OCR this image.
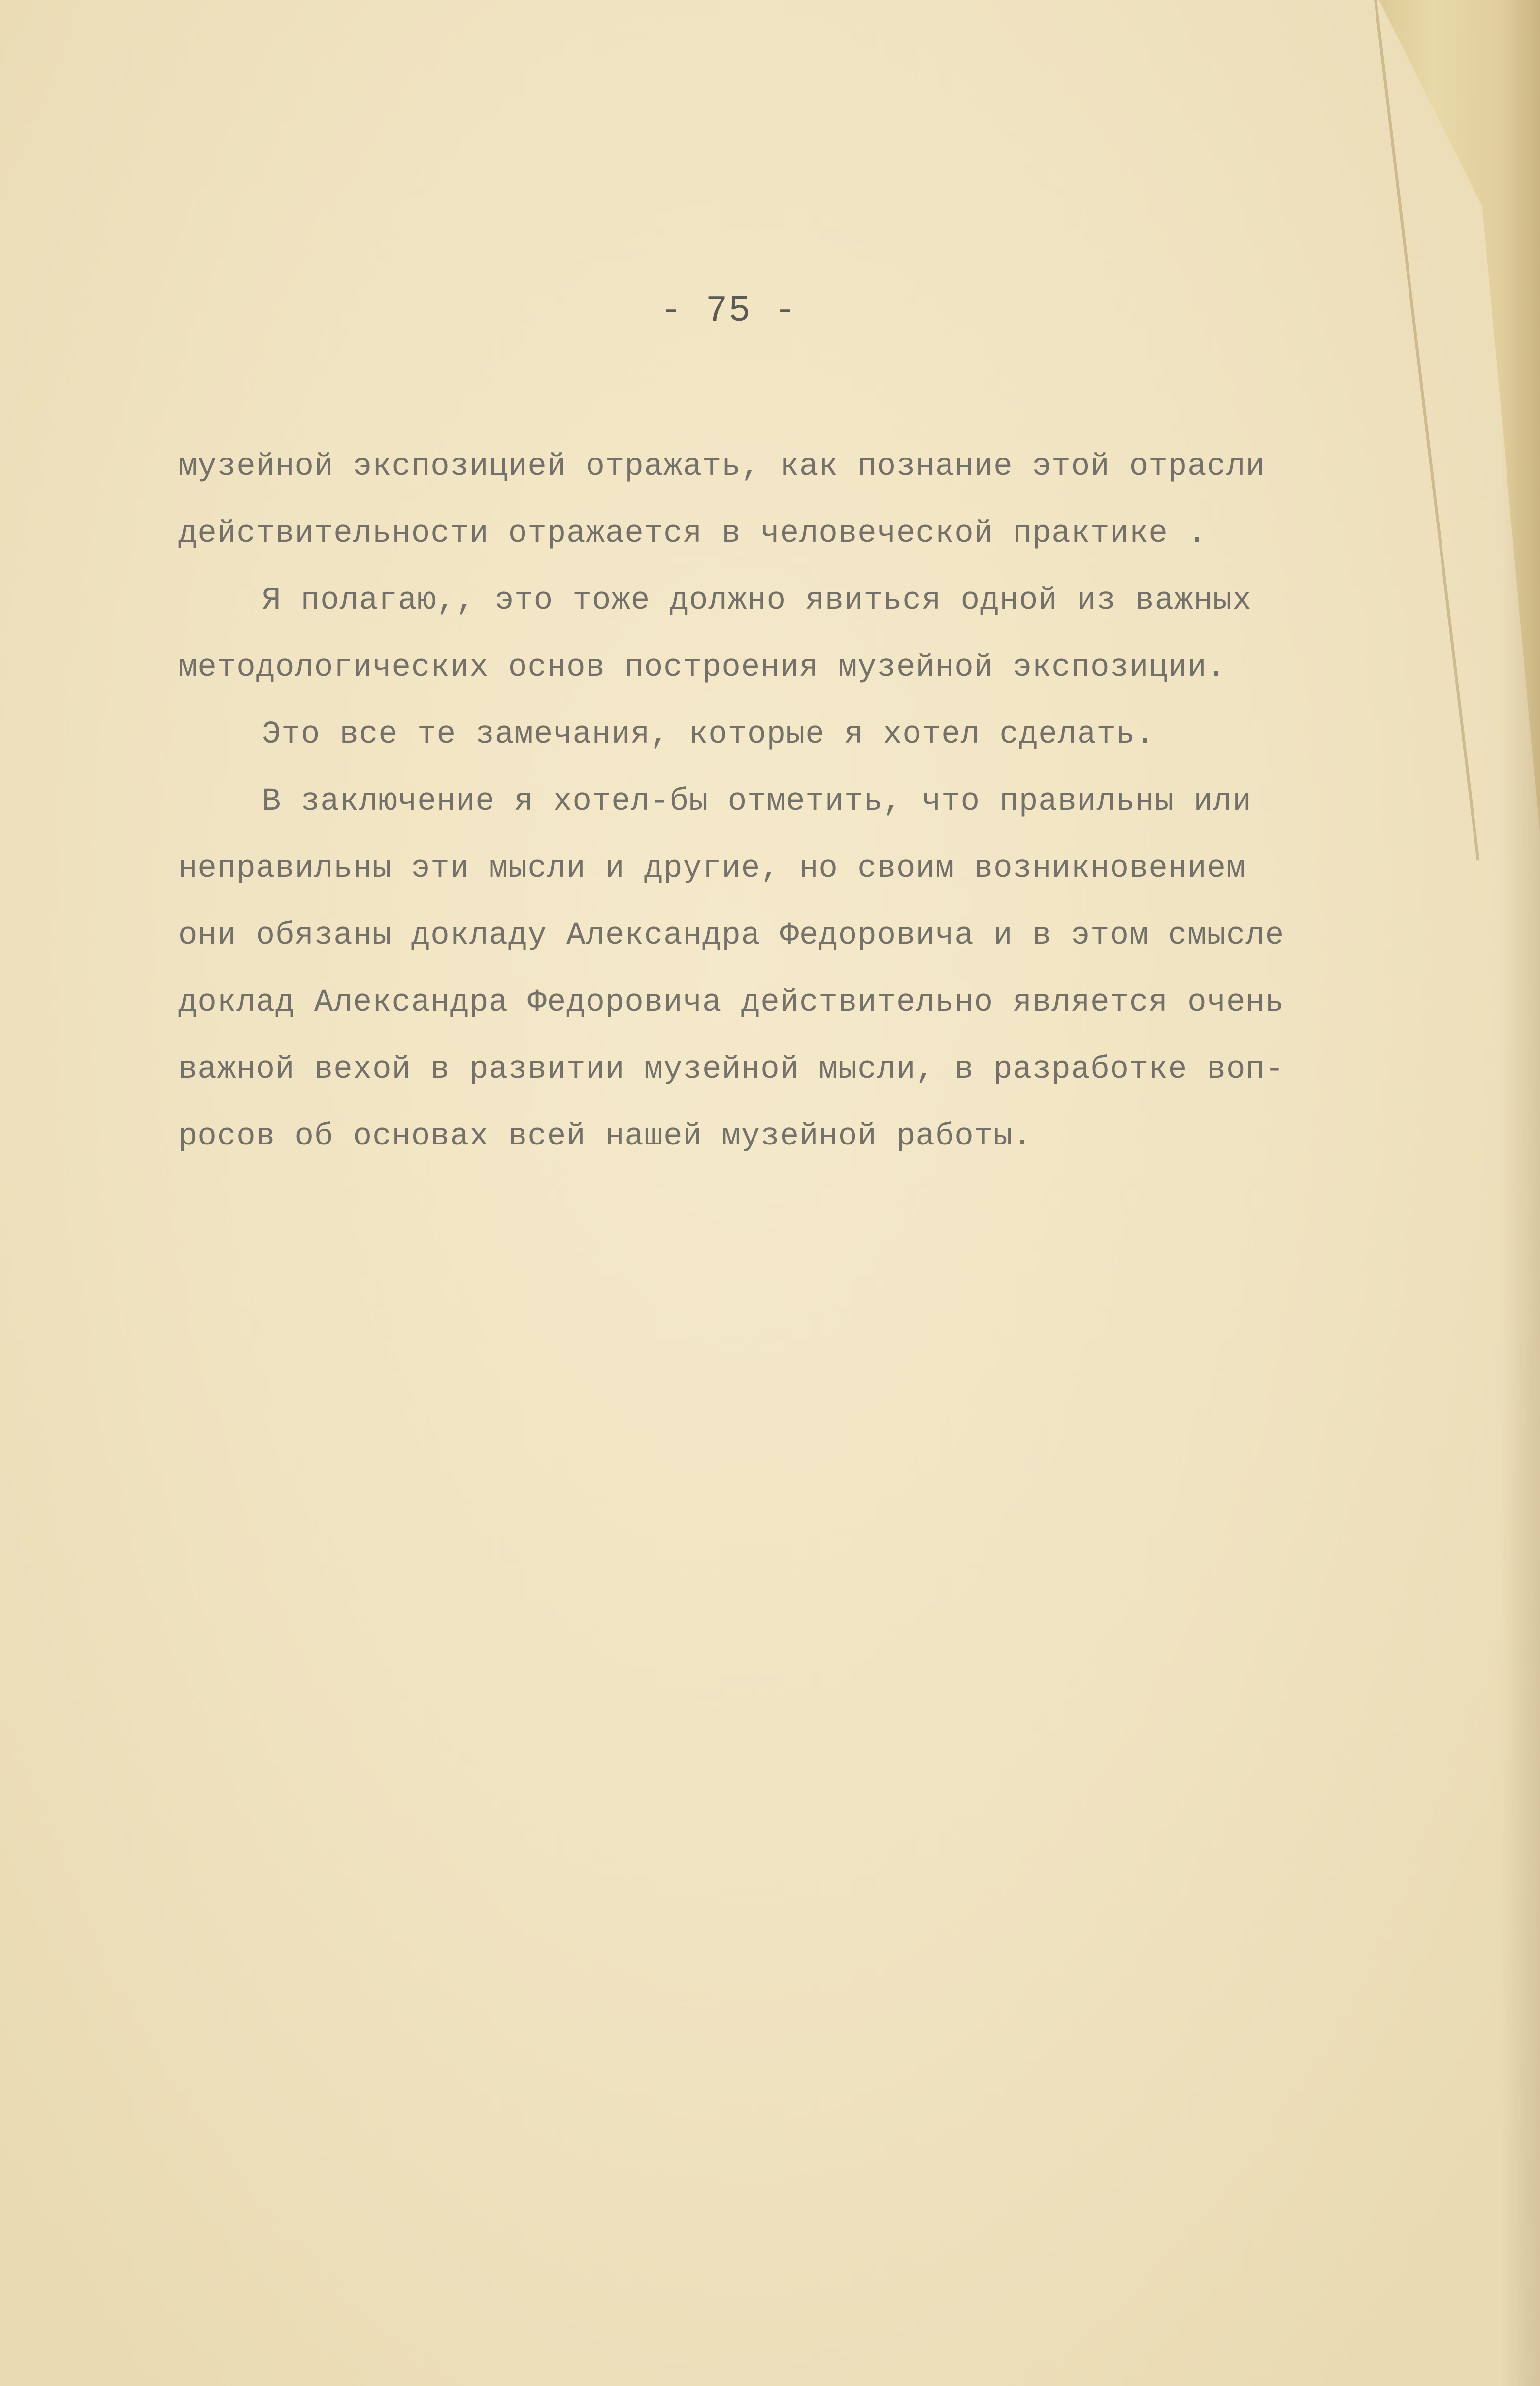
- 75 -
музейной экспозицией отражать, как познание этой отрасли
действительности отражается в человеческой практике .
Я полагаю,, это тоже должно явиться одной из важных
методологических основ построения музейной экспозиции.
Это все те замечания, которые я хотел сделать.
В заключение я хотел-бы отметить, что правильны или
неправильны эти мысли и другие, но своим возникновением
они обязаны докладу Александра Федоровича и в этом смысле
доклад Александра Федоровича действительно является очень
важной вехой в развитии музейной мысли, в разработке воп-
росов об основах всей нашей музейной работы.
